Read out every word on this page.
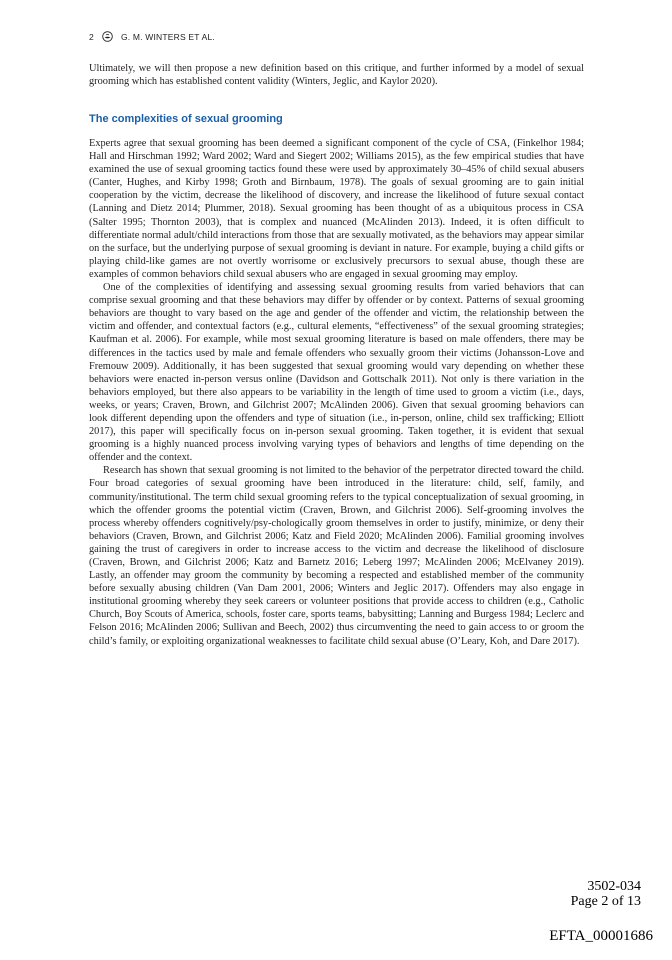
2	G. M. WINTERS ET AL.

Ultimately, we will then propose a new definition based on this critique, and further informed by a model of sexual grooming which has established content validity (Winters, Jeglic, and Kaylor 2020).

The complexities of sexual grooming

Experts agree that sexual grooming has been deemed a significant component of the cycle of CSA, (Finkelhor 1984; Hall and Hirschman 1992; Ward 2002; Ward and Siegert 2002; Williams 2015), as the few empirical studies that have examined the use of sexual grooming tactics found these were used by approximately 30–45% of child sexual abusers (Canter, Hughes, and Kirby 1998; Groth and Birnbaum, 1978). The goals of sexual grooming are to gain initial cooperation by the victim, decrease the likelihood of discovery, and increase the likelihood of future sexual contact (Lanning and Dietz 2014; Plummer, 2018). Sexual grooming has been thought of as a ubiquitous process in CSA (Salter 1995; Thornton 2003), that is complex and nuanced (McAlinden 2013). Indeed, it is often difficult to differentiate normal adult/child interactions from those that are sexually motivated, as the behaviors may appear similar on the surface, but the underlying purpose of sexual grooming is deviant in nature. For example, buying a child gifts or playing child-like games are not overtly worrisome or exclusively precursors to sexual abuse, though these are examples of common behaviors child sexual abusers who are engaged in sexual grooming may employ.

One of the complexities of identifying and assessing sexual grooming results from varied behaviors that can comprise sexual grooming and that these behaviors may differ by offender or by context. Patterns of sexual grooming behaviors are thought to vary based on the age and gender of the offender and victim, the relationship between the victim and offender, and contextual factors (e.g., cultural elements, “effectiveness” of the sexual grooming strategies; Kaufman et al. 2006). For example, while most sexual grooming literature is based on male offenders, there may be differences in the tactics used by male and female offenders who sexually groom their victims (Johansson-Love and Fremouw 2009). Additionally, it has been suggested that sexual grooming would vary depending on whether these behaviors were enacted in-person versus online (Davidson and Gottschalk 2011). Not only is there variation in the behaviors employed, but there also appears to be variability in the length of time used to groom a victim (i.e., days, weeks, or years; Craven, Brown, and Gilchrist 2007; McAlinden 2006). Given that sexual grooming behaviors can look different depending upon the offenders and type of situation (i.e., in-person, online, child sex trafficking; Elliott 2017), this paper will specifically focus on in-person sexual grooming. Taken together, it is evident that sexual grooming is a highly nuanced process involving varying types of behaviors and lengths of time depending on the offender and the context.

Research has shown that sexual grooming is not limited to the behavior of the perpetrator directed toward the child. Four broad categories of sexual grooming have been introduced in the literature: child, self, family, and community/institutional. The term child sexual grooming refers to the typical conceptualization of sexual grooming, in which the offender grooms the potential victim (Craven, Brown, and Gilchrist 2006). Self-grooming involves the process whereby offenders cognitively/psy-chologically groom themselves in order to justify, minimize, or deny their behaviors (Craven, Brown, and Gilchrist 2006; Katz and Field 2020; McAlinden 2006). Familial grooming involves gaining the trust of caregivers in order to increase access to the victim and decrease the likelihood of disclosure (Craven, Brown, and Gilchrist 2006; Katz and Barnetz 2016; Leberg 1997; McAlinden 2006; McElvaney 2019). Lastly, an offender may groom the community by becoming a respected and established member of the community before sexually abusing children (Van Dam 2001, 2006; Winters and Jeglic 2017). Offenders may also engage in institutional grooming whereby they seek careers or volunteer positions that provide access to children (e.g., Catholic Church, Boy Scouts of America, schools, foster care, sports teams, babysitting; Lanning and Burgess 1984; Leclerc and Felson 2016; McAlinden 2006; Sullivan and Beech, 2002) thus circumventing the need to gain access to or groom the child’s family, or exploiting organizational weaknesses to facilitate child sexual abuse (O’Leary, Koh, and Dare 2017).

3502-034
Page 2 of 13
EFTA_00001686
